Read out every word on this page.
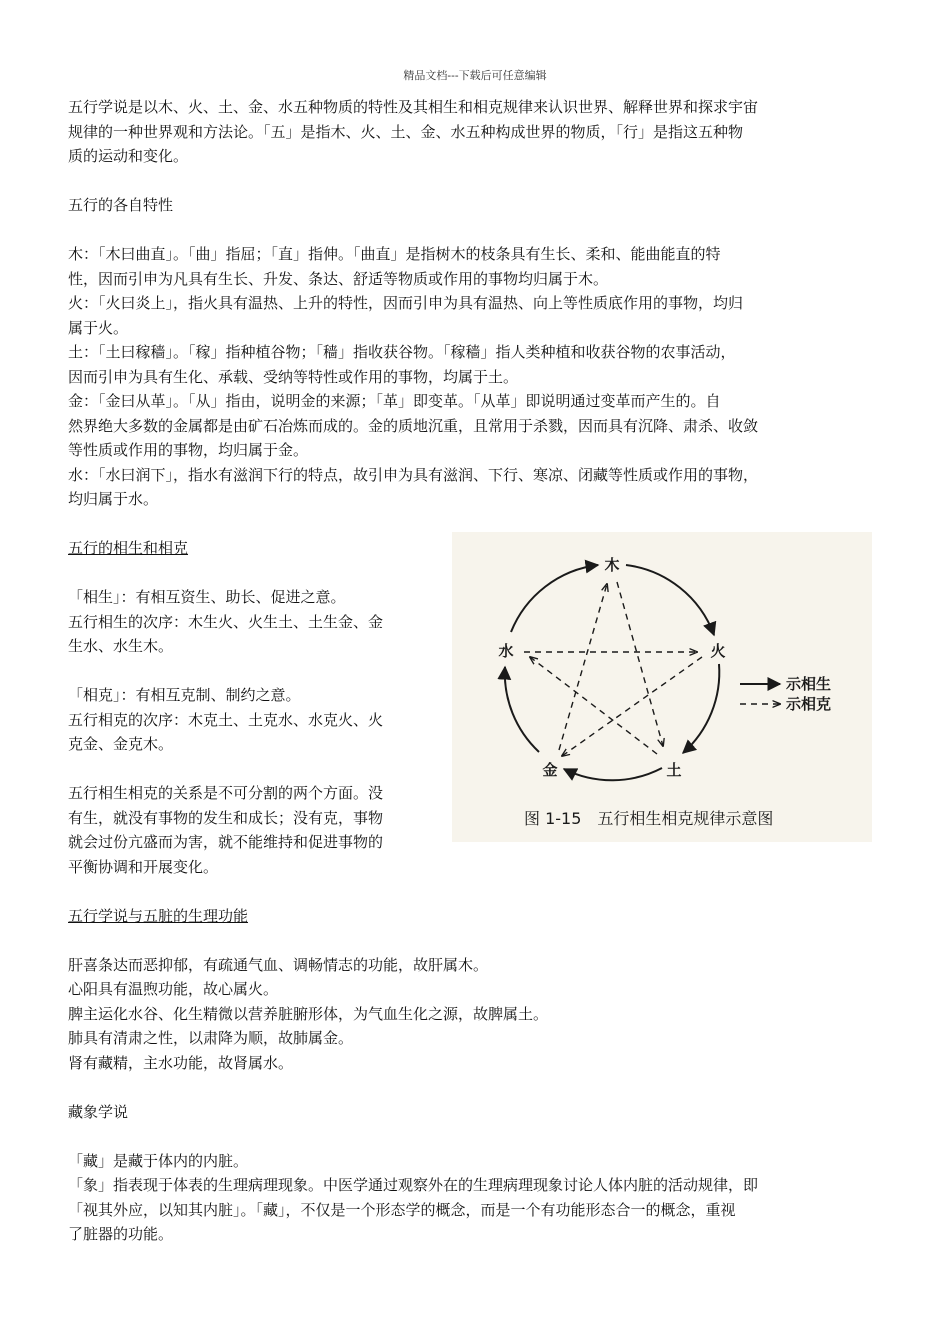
精品文档---下载后可任意编辑

五行学说是以木、火、土、金、水五种物质的特性及其相生和相克规律来认识世界、解释世界和探求宇宙

规律的一种世界观和方法论。「五」是指木、火、土、金、水五种构成世界的物质，「行」是指这五种物

质的运动和变化。

五行的各自特性

木：「木曰曲直」。「曲」指屈；「直」指伸。「曲直」是指树木的枝条具有生长、柔和、能曲能直的特

性，因而引申为凡具有生长、升发、条达、舒适等物质或作用的事物均归属于木。

火：「火曰炎上」，指火具有温热、上升的特性，因而引申为具有温热、向上等性质底作用的事物，均归

属于火。

土：「土曰稼穑」。「稼」指种植谷物；「穑」指收获谷物。「稼穑」指人类种植和收获谷物的农事活动，

因而引申为具有生化、承载、受纳等特性或作用的事物，均属于土。

金：「金曰从革」。「从」指由，说明金的来源；「革」即变革。「从革」即说明通过变革而产生的。自

然界绝大多数的金属都是由矿石冶炼而成的。金的质地沉重，且常用于杀戮，因而具有沉降、肃杀、收敛

等性质或作用的事物，均归属于金。

水：「水曰润下」，指水有滋润下行的特点，故引申为具有滋润、下行、寒凉、闭藏等性质或作用的事物，

均归属于水。

五行的相生和相克

「相生」：有相互资生、助长、促进之意。

五行相生的次序：木生火、火生土、土生金、金

生水、水生木。

「相克」：有相互克制、制约之意。

五行相克的次序：木克土、土克水、水克火、火

克金、金克木。

五行相生相克的关系是不可分割的两个方面。没

有生，就没有事物的发生和成长；没有克，事物

就会过份亢盛而为害，就不能维持和促进事物的

平衡协调和开展变化。

五行学说与五脏的生理功能

肝喜条达而恶抑郁，有疏通气血、调畅情志的功能，故肝属木。

心阳具有温煦功能，故心属火。

脾主运化水谷、化生精微以营养脏腑形体，为气血生化之源，故脾属土。

肺具有清肃之性，以肃降为顺，故肺属金。

肾有藏精，主水功能，故肾属水。

藏象学说

「藏」是藏于体内的内脏。

「象」指表现于体表的生理病理现象。中医学通过观察外在的生理病理现象讨论人体内脏的活动规律，即

「视其外应，以知其内脏」。「藏」，不仅是一个形态学的概念，而是一个有功能形态合一的概念，重视

了脏器的功能。

木
火
土
金
水
示相生
示相克
图 1-15　五行相生相克规律示意图
